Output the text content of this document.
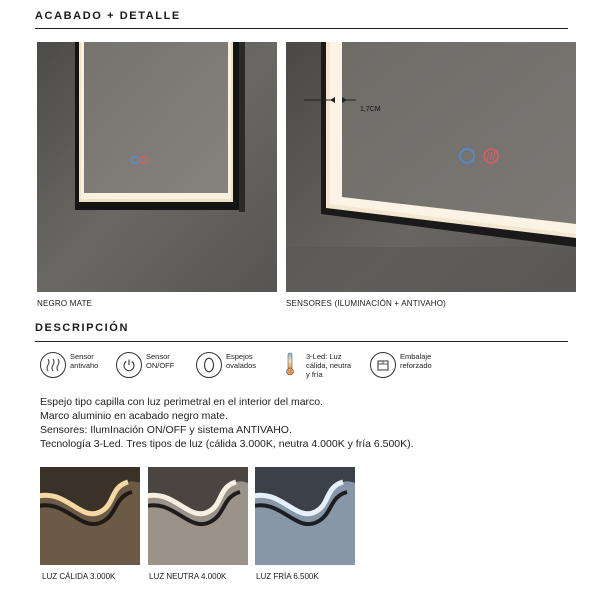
ACABADO + DETALLE
NEGRO MATE
1,7CM
SENSORES (ILUMINACIÓN + ANTIVAHO)
DESCRIPCIÓN
Sensor
antivaho
Sensor
ON/OFF
Espejos
ovalados
3-Led: Luz
cálida, neutra
y fría
Embalaje
reforzado
Espejo tipo capilla con luz perimetral en el interior del marco.
Marco aluminio en acabado negro mate.
Sensores: IlumInación ON/OFF y sistema ANTIVAHO.
Tecnología 3-Led. Tres tipos de luz (cálida 3.000K, neutra 4.000K y fría 6.500K).
LUZ CÁLIDA 3.000K	LUZ NEUTRA 4.000K	LUZ FRÍA 6.500K
